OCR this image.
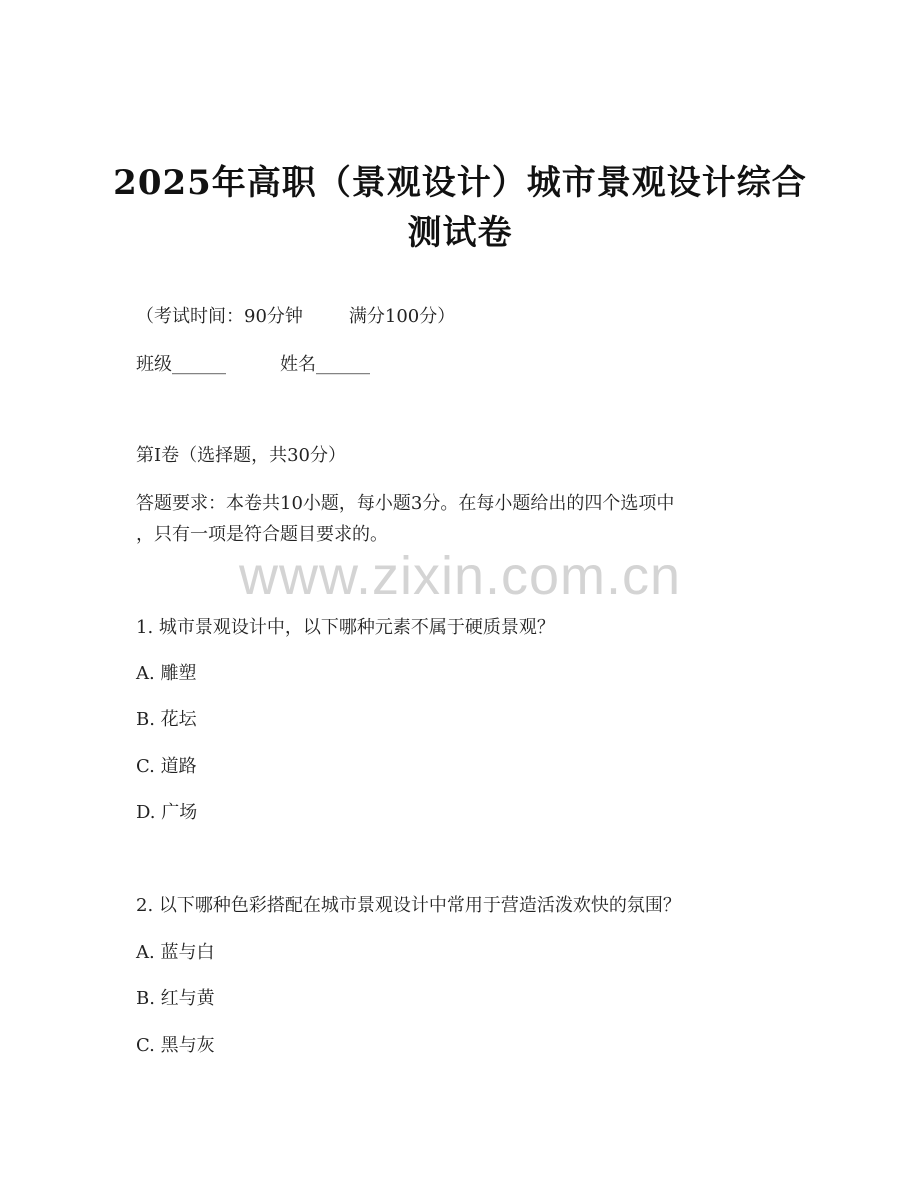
2025年高职（景观设计）城市景观设计综合
测试卷
（考试时间：90分钟	满分100分）
班级______	姓名______
第I卷（选择题，共30分）
答题要求：本卷共10小题，每小题3分。在每小题给出的四个选项中
，只有一项是符合题目要求的。
www.zixin.com.cn
1. 城市景观设计中，以下哪种元素不属于硬质景观？
A. 雕塑
B. 花坛
C. 道路
D. 广场
2. 以下哪种色彩搭配在城市景观设计中常用于营造活泼欢快的氛围？
A. 蓝与白
B. 红与黄
C. 黑与灰
